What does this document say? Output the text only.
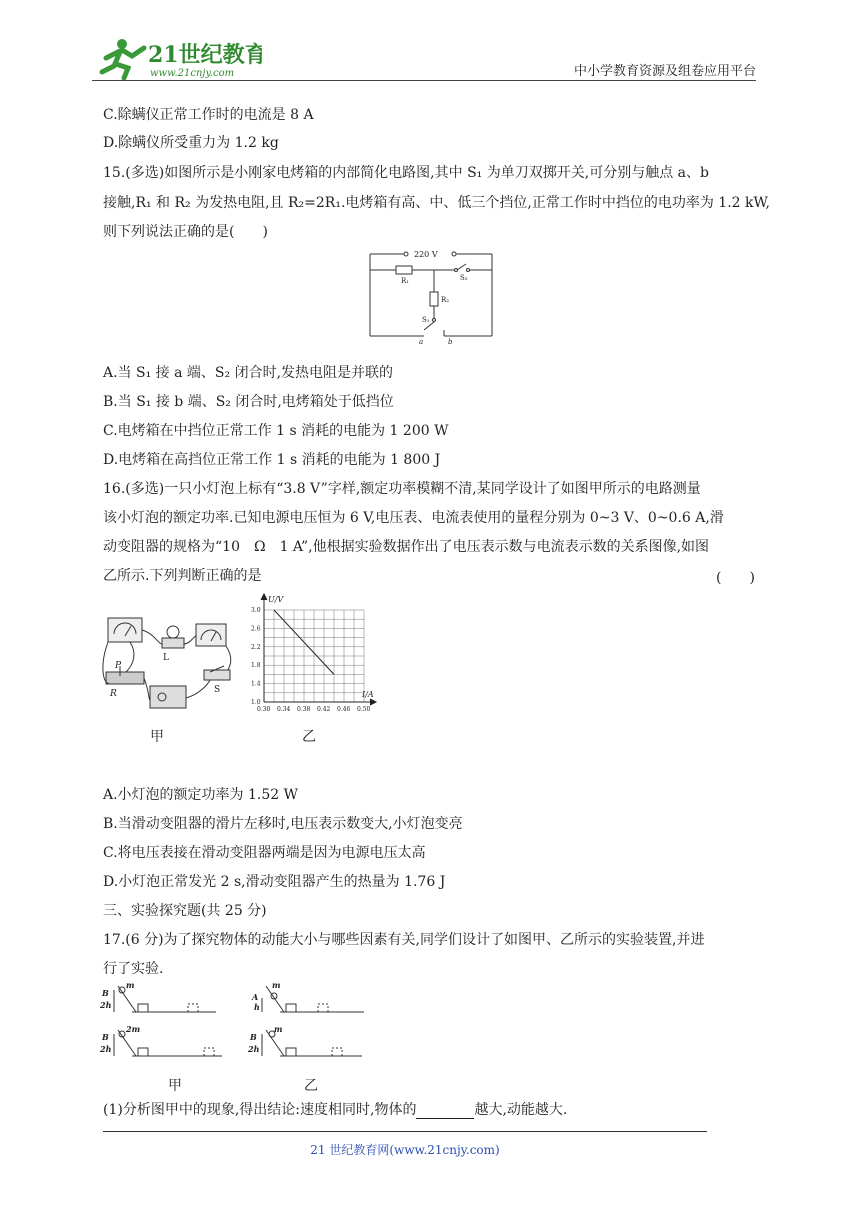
21世纪教育
www.21cnjy.com	中小学教育资源及组卷应用平台
C.除螨仪正常工作时的电流是 8 A
D.除螨仪所受重力为 1.2 kg
15.(多选)如图所示是小刚家电烤箱的内部简化电路图,其中 S₁ 为单刀双掷开关,可分别与触点 a、b
接触,R₁ 和 R₂ 为发热电阻,且 R₂=2R₁.电烤箱有高、中、低三个挡位,正常工作时中挡位的电功率为 1.2 kW,
则下列说法正确的是(　　)
220 V
R₁
R₂
S₁
S₂
a	b
A.当 S₁ 接 a 端、S₂ 闭合时,发热电阻是并联的
B.当 S₁ 接 b 端、S₂ 闭合时,电烤箱处于低挡位
C.电烤箱在中挡位正常工作 1 s 消耗的电能为 1 200 W
D.电烤箱在高挡位正常工作 1 s 消耗的电能为 1 800 J
16.(多选)一只小灯泡上标有“3.8 V”字样,额定功率模糊不清,某同学设计了如图甲所示的电路测量
该小灯泡的额定功率.已知电源电压恒为 6 V,电压表、电流表使用的量程分别为 0~3 V、0~0.6 A,滑
动变阻器的规格为“10　Ω　1 A”,他根据实验数据作出了电压表示数与电流表示数的关系图像,如图
乙所示.下列判断正确的是	(　　)
L
P
R	S
U/V
I/A
0.30 0.34 0.38 0.42 0.46 0.50
1.0
1.4
1.8
2.2
2.6
3.0
甲	乙
A.小灯泡的额定功率为 1.52 W
B.当滑动变阻器的滑片左移时,电压表示数变大,小灯泡变亮
C.将电压表接在滑动变阻器两端是因为电源电压太高
D.小灯泡正常发光 2 s,滑动变阻器产生的热量为 1.76 J
三、实验探究题(共 25 分)
17.(6 分)为了探究物体的动能大小与哪些因素有关,同学们设计了如图甲、乙所示的实验装置,并进
行了实验.
B
m
2h
A
m
h
B
2m
2h
B
m
2h
甲	乙
(1)分析图甲中的现象,得出结论:速度相同时,物体的	越大,动能越大.
21 世纪教育网(www.21cnjy.com)
